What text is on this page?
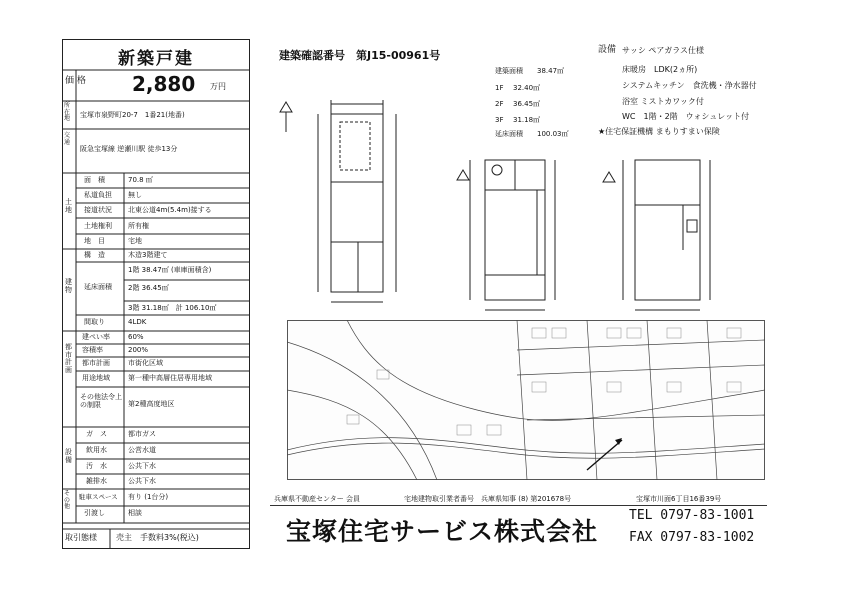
新築戸建
価 格 2,880 万円
所在地	宝塚市泉野町20-7　1番21(地番)
交通
阪急宝塚線 逆瀬川駅 徒歩13分
土地
面　積	70.8 ㎡
私道負担 無し
接道状況 北東公道4m(5.4m)接する
土地権利 所有権
地　目	宅地
建物
構　造	木造3階建て
延床面積
1階 38.47㎡ (車庫面積含)
2階 36.45㎡
3階 31.18㎡　計 106.10㎡
間取り	4LDK
都市計画
建ぺい率	60%
容積率	200%
都市計画	市街化区域
用途地域	第一種中高層住居専用地域
その他法令上の制限	第2種高度地区
設備
ガ　ス	都市ガス
飲用水	公営水道
汚　水	公共下水
雑排水	公共下水
その他
駐車スペース 有り (1台分)
引渡し	相談
取引態様 売主　手数料3%(税込)
建築確認番号　第J15-00961号
建築面積 38.47㎡
1F 32.40㎡
2F 36.45㎡
3F 31.18㎡
延床面積 100.03㎡
設備 サッシ ペアガラス仕様
床暖房　LDK(2ヵ所)
システムキッチン　食洗機・浄水器付
浴室 ミストカワック付
WC　1階・2階　ウォシュレット付
★住宅保証機構 まもりすまい保険
兵庫県不動産センター 会員	宅地建物取引業者番号　兵庫県知事 (8) 第201678号	宝塚市川面6丁目16番39号
宝塚住宅サービス株式会社
TEL 0797-83-1001
FAX 0797-83-1002
